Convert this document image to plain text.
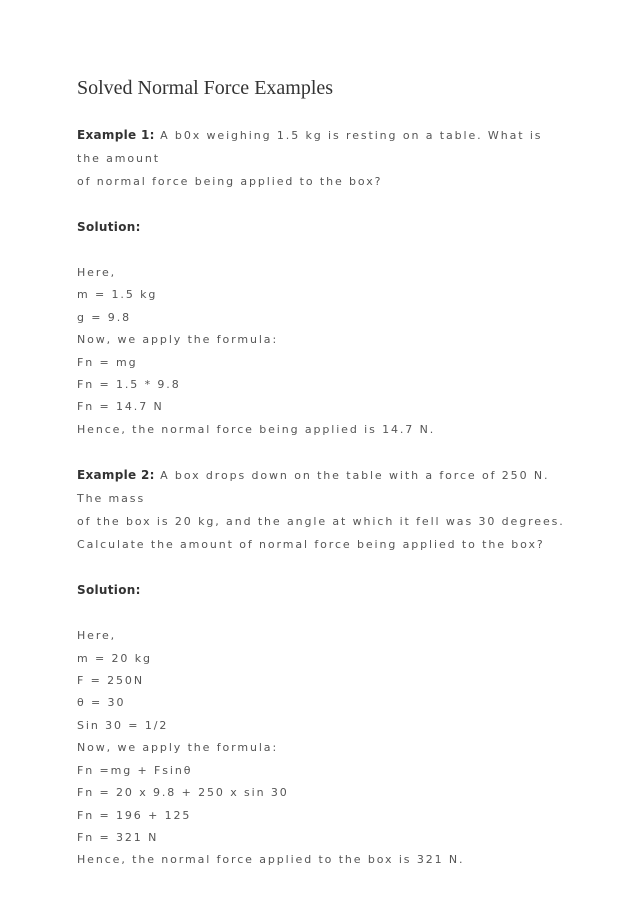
Solved Normal Force Examples
Example 1: A b0x weighing 1.5 kg is resting on a table. What is the amount
of normal force being applied to the box?
Solution:
Here,
m = 1.5 kg
g = 9.8
Now, we apply the formula:
Fn = mg
Fn = 1.5 * 9.8
Fn = 14.7 N
Hence, the normal force being applied is 14.7 N.
Example 2: A box drops down on the table with a force of 250 N. The mass
of the box is 20 kg, and the angle at which it fell was 30 degrees.
Calculate the amount of normal force being applied to the box?
Solution:
Here,
m = 20 kg
F = 250N
θ = 30
Sin 30 = 1/2
Now, we apply the formula:
Fn =mg + Fsinθ
Fn = 20 x 9.8 + 250 x sin 30
Fn = 196 + 125
Fn = 321 N
Hence, the normal force applied to the box is 321 N.
